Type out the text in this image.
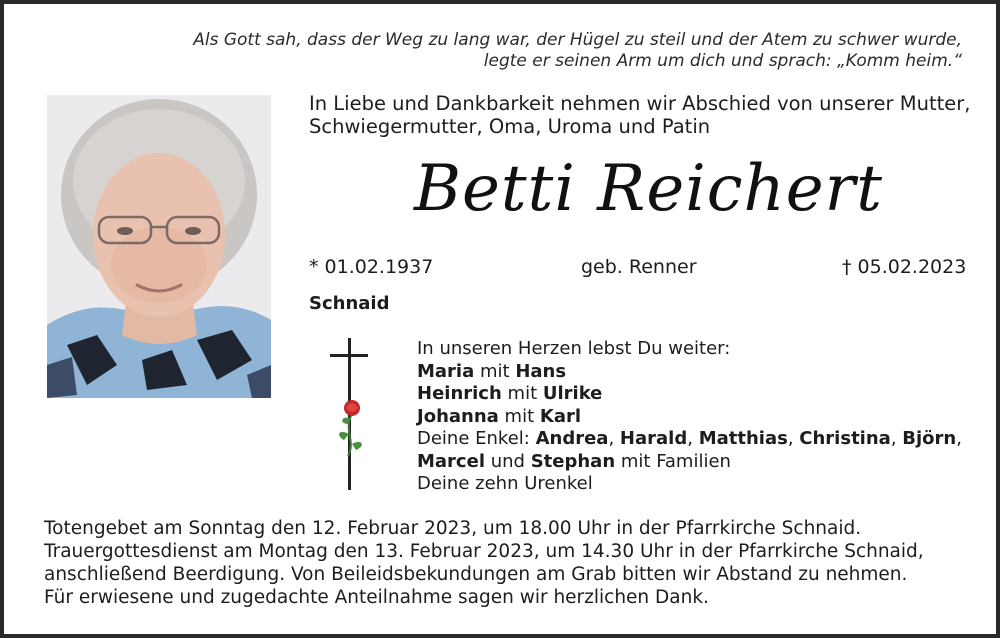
Als Gott sah, dass der Weg zu lang war, der Hügel zu steil und der Atem zu schwer wurde,
legte er seinen Arm um dich und sprach: „Komm heim.“
In Liebe und Dankbarkeit nehmen wir Abschied von unserer Mutter,
Schwiegermutter, Oma, Uroma und Patin
Betti Reichert
* 01.02.1937	geb. Renner	† 05.02.2023
Schnaid
In unseren Herzen lebst Du weiter:
Maria mit Hans
Heinrich mit Ulrike
Johanna mit Karl
Deine Enkel: Andrea, Harald, Matthias, Christina, Björn,
Marcel und Stephan mit Familien
Deine zehn Urenkel
Totengebet am Sonntag den 12. Februar 2023, um 18.00 Uhr in der Pfarrkirche Schnaid.
Trauergottesdienst am Montag den 13. Februar 2023, um 14.30 Uhr in der Pfarrkirche Schnaid,
anschließend Beerdigung. Von Beileidsbekundungen am Grab bitten wir Abstand zu nehmen.
Für erwiesene und zugedachte Anteilnahme sagen wir herzlichen Dank.
